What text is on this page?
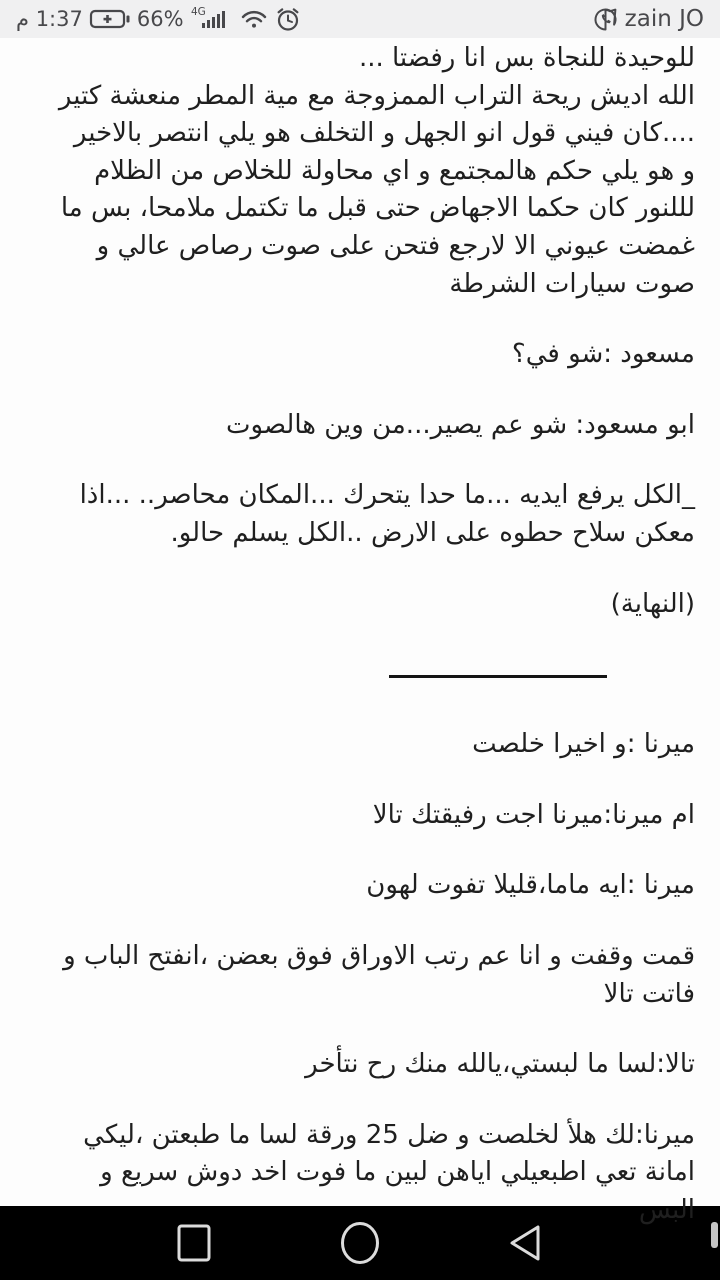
1:37 م	66% 4G	zain JO
للوحيدة للنجاة بس انا رفضتا ...
الله اديش ريحة التراب الممزوجة مع مية المطر منعشة كتير
....كان فيني قول انو الجهل و التخلف هو يلي انتصر بالاخير
و هو يلي حكم هالمجتمع و اي محاولة للخلاص من الظلام
لللنور كان حكما الاجهاض حتى قبل ما تكتمل ملامحا، بس ما
غمضت عيوني الا لارجع فتحن على صوت رصاص عالي و
صوت سيارات الشرطة
مسعود :شو في؟
ابو مسعود: شو عم يصير...من وين هالصوت
_الكل يرفع ايديه ...ما حدا يتحرك ...المكان محاصر.. ...اذا
معكن سلاح حطوه على الارض ..الكل يسلم حالو.
(النهاية)
ميرنا :و اخيرا خلصت
ام ميرنا:ميرنا اجت رفيقتك تالا
ميرنا :ايه ماما،قليلا تفوت لهون
قمت وقفت و انا عم رتب الاوراق فوق بعضن ،انفتح الباب و
فاتت تالا
تالا:لسا ما لبستي،يالله منك رح نتأخر
ميرنا:لك هلأ لخلصت و ضل 25 ورقة لسا ما طبعتن ،ليكي
امانة تعي اطبعيلي اياهن لبين ما فوت اخد دوش سريع و
البس
